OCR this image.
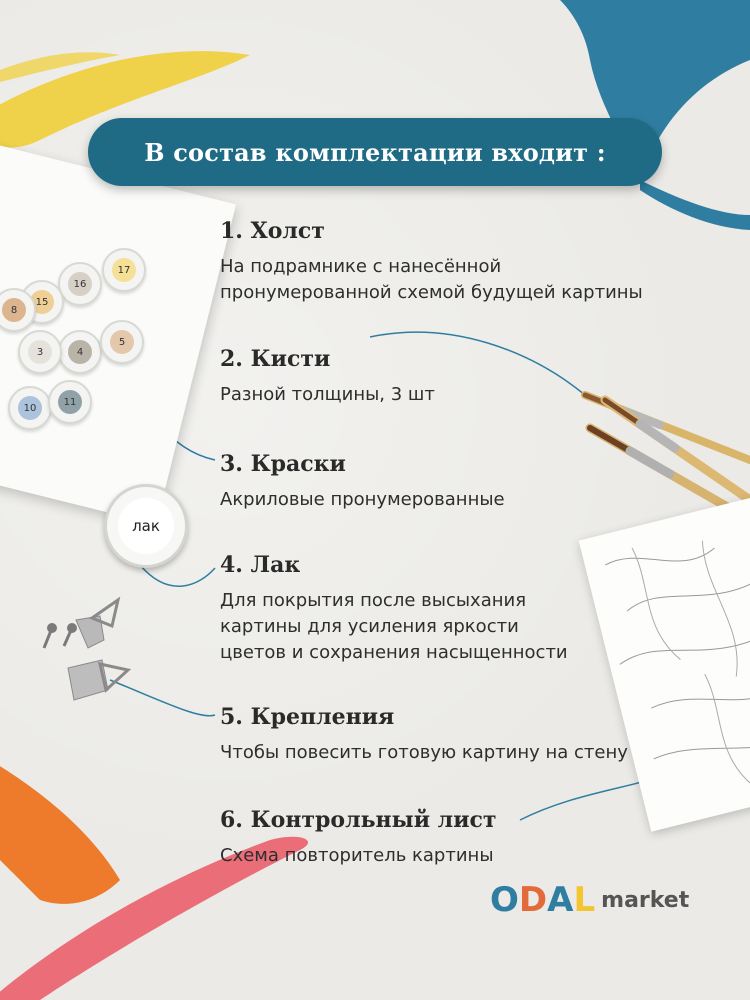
17
16
15
8
4
3
5
10
11
лак
В состав комплектации входит :
1. Холст
На подрамнике с нанесённой
пронумерованной схемой будущей картины
2. Кисти
Разной толщины, 3 шт
3. Краски
Акриловые пронумерованные
4. Лак
Для покрытия после высыхания
картины для усиления яркости
цветов и сохранения насыщенности
5. Крепления
Чтобы повесить готовую картину на стену
6. Контрольный лист
Схема повторитель картины
O D A L market
